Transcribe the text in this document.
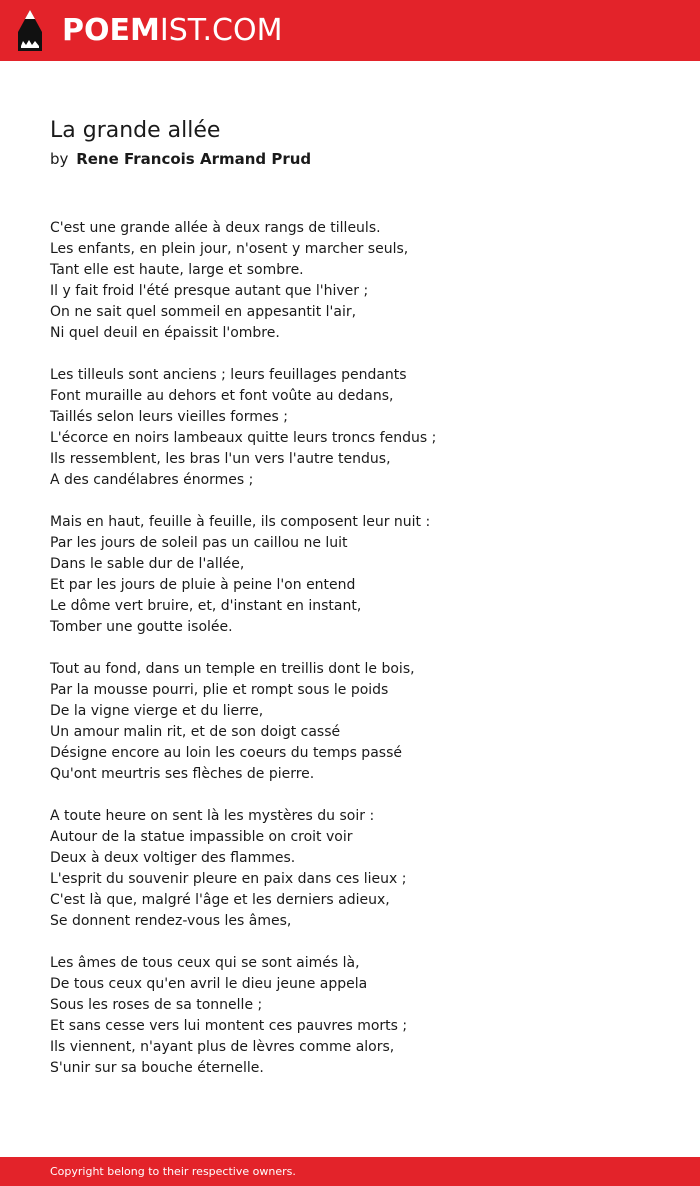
POEMIST.COM
La grande allée
by Rene Francois Armand Prud

C'est une grande allée à deux rangs de tilleuls.
Les enfants, en plein jour, n'osent y marcher seuls,
Tant elle est haute, large et sombre.
Il y fait froid l'été presque autant que l'hiver ;
On ne sait quel sommeil en appesantit l'air,
Ni quel deuil en épaissit l'ombre.

Les tilleuls sont anciens ; leurs feuillages pendants
Font muraille au dehors et font voûte au dedans,
Taillés selon leurs vieilles formes ;
L'écorce en noirs lambeaux quitte leurs troncs fendus ;
Ils ressemblent, les bras l'un vers l'autre tendus,
A des candélabres énormes ;

Mais en haut, feuille à feuille, ils composent leur nuit :
Par les jours de soleil pas un caillou ne luit
Dans le sable dur de l'allée,
Et par les jours de pluie à peine l'on entend
Le dôme vert bruire, et, d'instant en instant,
Tomber une goutte isolée.

Tout au fond, dans un temple en treillis dont le bois,
Par la mousse pourri, plie et rompt sous le poids
De la vigne vierge et du lierre,
Un amour malin rit, et de son doigt cassé
Désigne encore au loin les coeurs du temps passé
Qu'ont meurtris ses flèches de pierre.

A toute heure on sent là les mystères du soir :
Autour de la statue impassible on croit voir
Deux à deux voltiger des flammes.
L'esprit du souvenir pleure en paix dans ces lieux ;
C'est là que, malgré l'âge et les derniers adieux,
Se donnent rendez-vous les âmes,

Les âmes de tous ceux qui se sont aimés là,
De tous ceux qu'en avril le dieu jeune appela
Sous les roses de sa tonnelle ;
Et sans cesse vers lui montent ces pauvres morts ;
Ils viennent, n'ayant plus de lèvres comme alors,
S'unir sur sa bouche éternelle.

Copyright belong to their respective owners.
